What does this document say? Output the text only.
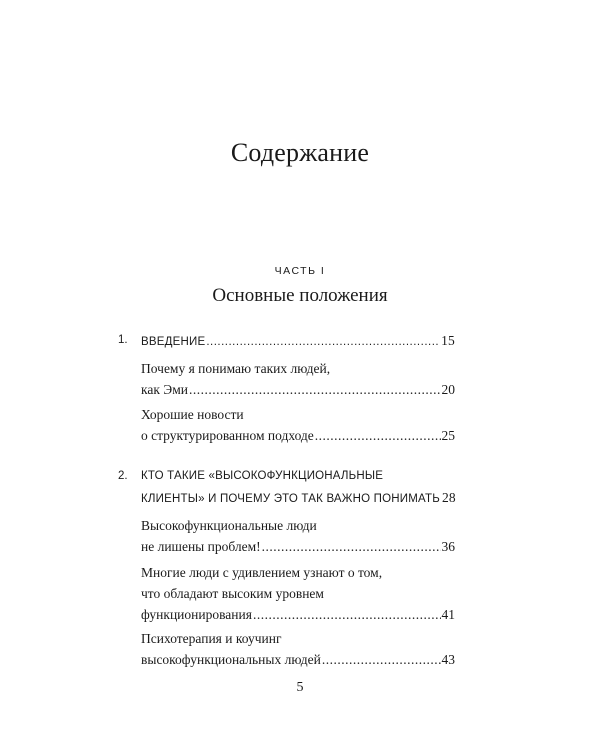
Содержание
ЧАСТЬ I
Основные положения
1. ВВЕДЕНИЕ .....	15
Почему я понимаю таких людей,
как Эми .....	20
Хорошие новости
о структурированном подходе .....	25
2. КТО ТАКИЕ «ВЫСОКОФУНКЦИОНАЛЬНЫЕ
КЛИЕНТЫ» И ПОЧЕМУ ЭТО ТАК ВАЖНО ПОНИМАТЬ 28
Высокофункциональные люди
не лишены проблем! .....	36
Многие люди с удивлением узнают о том,
что обладают высоким уровнем
функционирования .....	41
Психотерапия и коучинг
высокофункциональных людей .....	43
5
